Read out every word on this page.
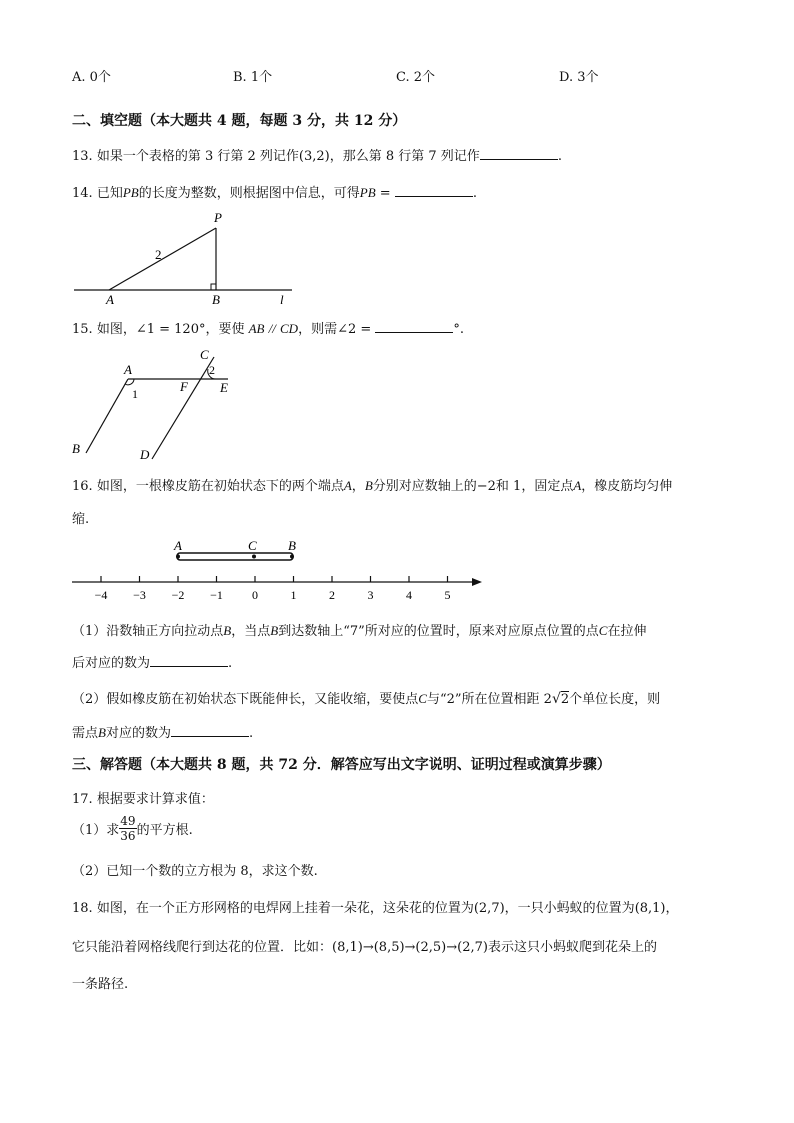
A. 0个	B. 1个	C. 2个	D. 3个
二、填空题（本大题共 4 题，每题 3 分，共 12 分）
13. 如果一个表格的第 3 行第 2 列记作(3,2)，那么第 8 行第 7 列记作	.
14. 已知PB的长度为整数，则根据图中信息，可得PB =	.
P
A	B	l
2
15. 如图，∠1 = 120°，要使 AB // CD，则需∠2 =	°.
A
C
2
F E
1
B	D
16. 如图，一根橡皮筋在初始状态下的两个端点A，B分别对应数轴上的−2和 1，固定点A，橡皮筋均匀伸
缩.
−4 −3 −2 −1 0	1	2	3	4	5
A	C B
（1）沿数轴正方向拉动点B，当点B到达数轴上“7”所对应的位置时，原来对应原点位置的点C在拉伸
后对应的数为	.
（2）假如橡皮筋在初始状态下既能伸长，又能收缩，要使点C与“2”所在位置相距 2√2个单位长度，则
需点B对应的数为	.
三、解答题（本大题共 8 题，共 72 分．解答应写出文字说明、证明过程或演算步骤）
17. 根据要求计算求值：
（1）求 $\frac{49}{36}$ 的平方根.
（2）已知一个数的立方根为 8，求这个数.
18. 如图，在一个正方形网格的电焊网上挂着一朵花，这朵花的位置为(2,7)，一只小蚂蚁的位置为(8,1)，
它只能沿着网格线爬行到达花的位置．比如：(8,1)→(8,5)→(2,5)→(2,7)表示这只小蚂蚁爬到花朵上的
一条路径.
